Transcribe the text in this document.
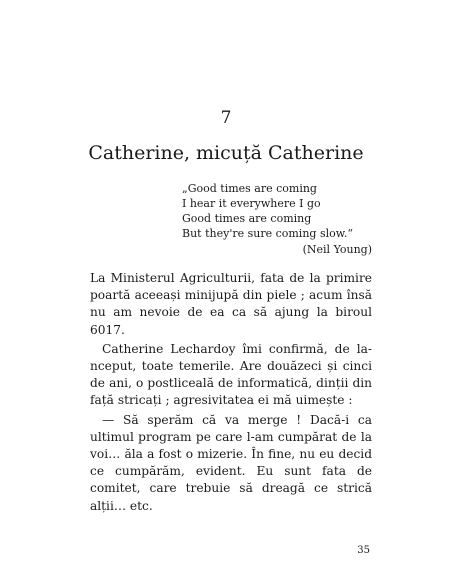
7
Catherine, micuță Catherine
„Good times are coming
I hear it everywhere I go
Good times are coming
But they're sure coming slow.“
(Neil Young)

La Ministerul Agriculturii, fata de la primire poartă aceeași minijupă din piele ; acum însă nu am nevoie de ea ca să ajung la biroul 6017.

Catherine Lechardoy îmi confirmă, de la-nceput, toate temerile. Are douăzeci și cinci de ani, o postliceală de informatică, dinții din față stricați ; agresivitatea ei mă uimește :

— Să sperăm că va merge ! Dacă-i ca ultimul program pe care l-am cumpărat de la voi… ăla a fost o mizerie. În fine, nu eu decid ce cumpărăm, evident. Eu sunt fata de comitet, care trebuie să dreagă ce strică alții… etc.

35
